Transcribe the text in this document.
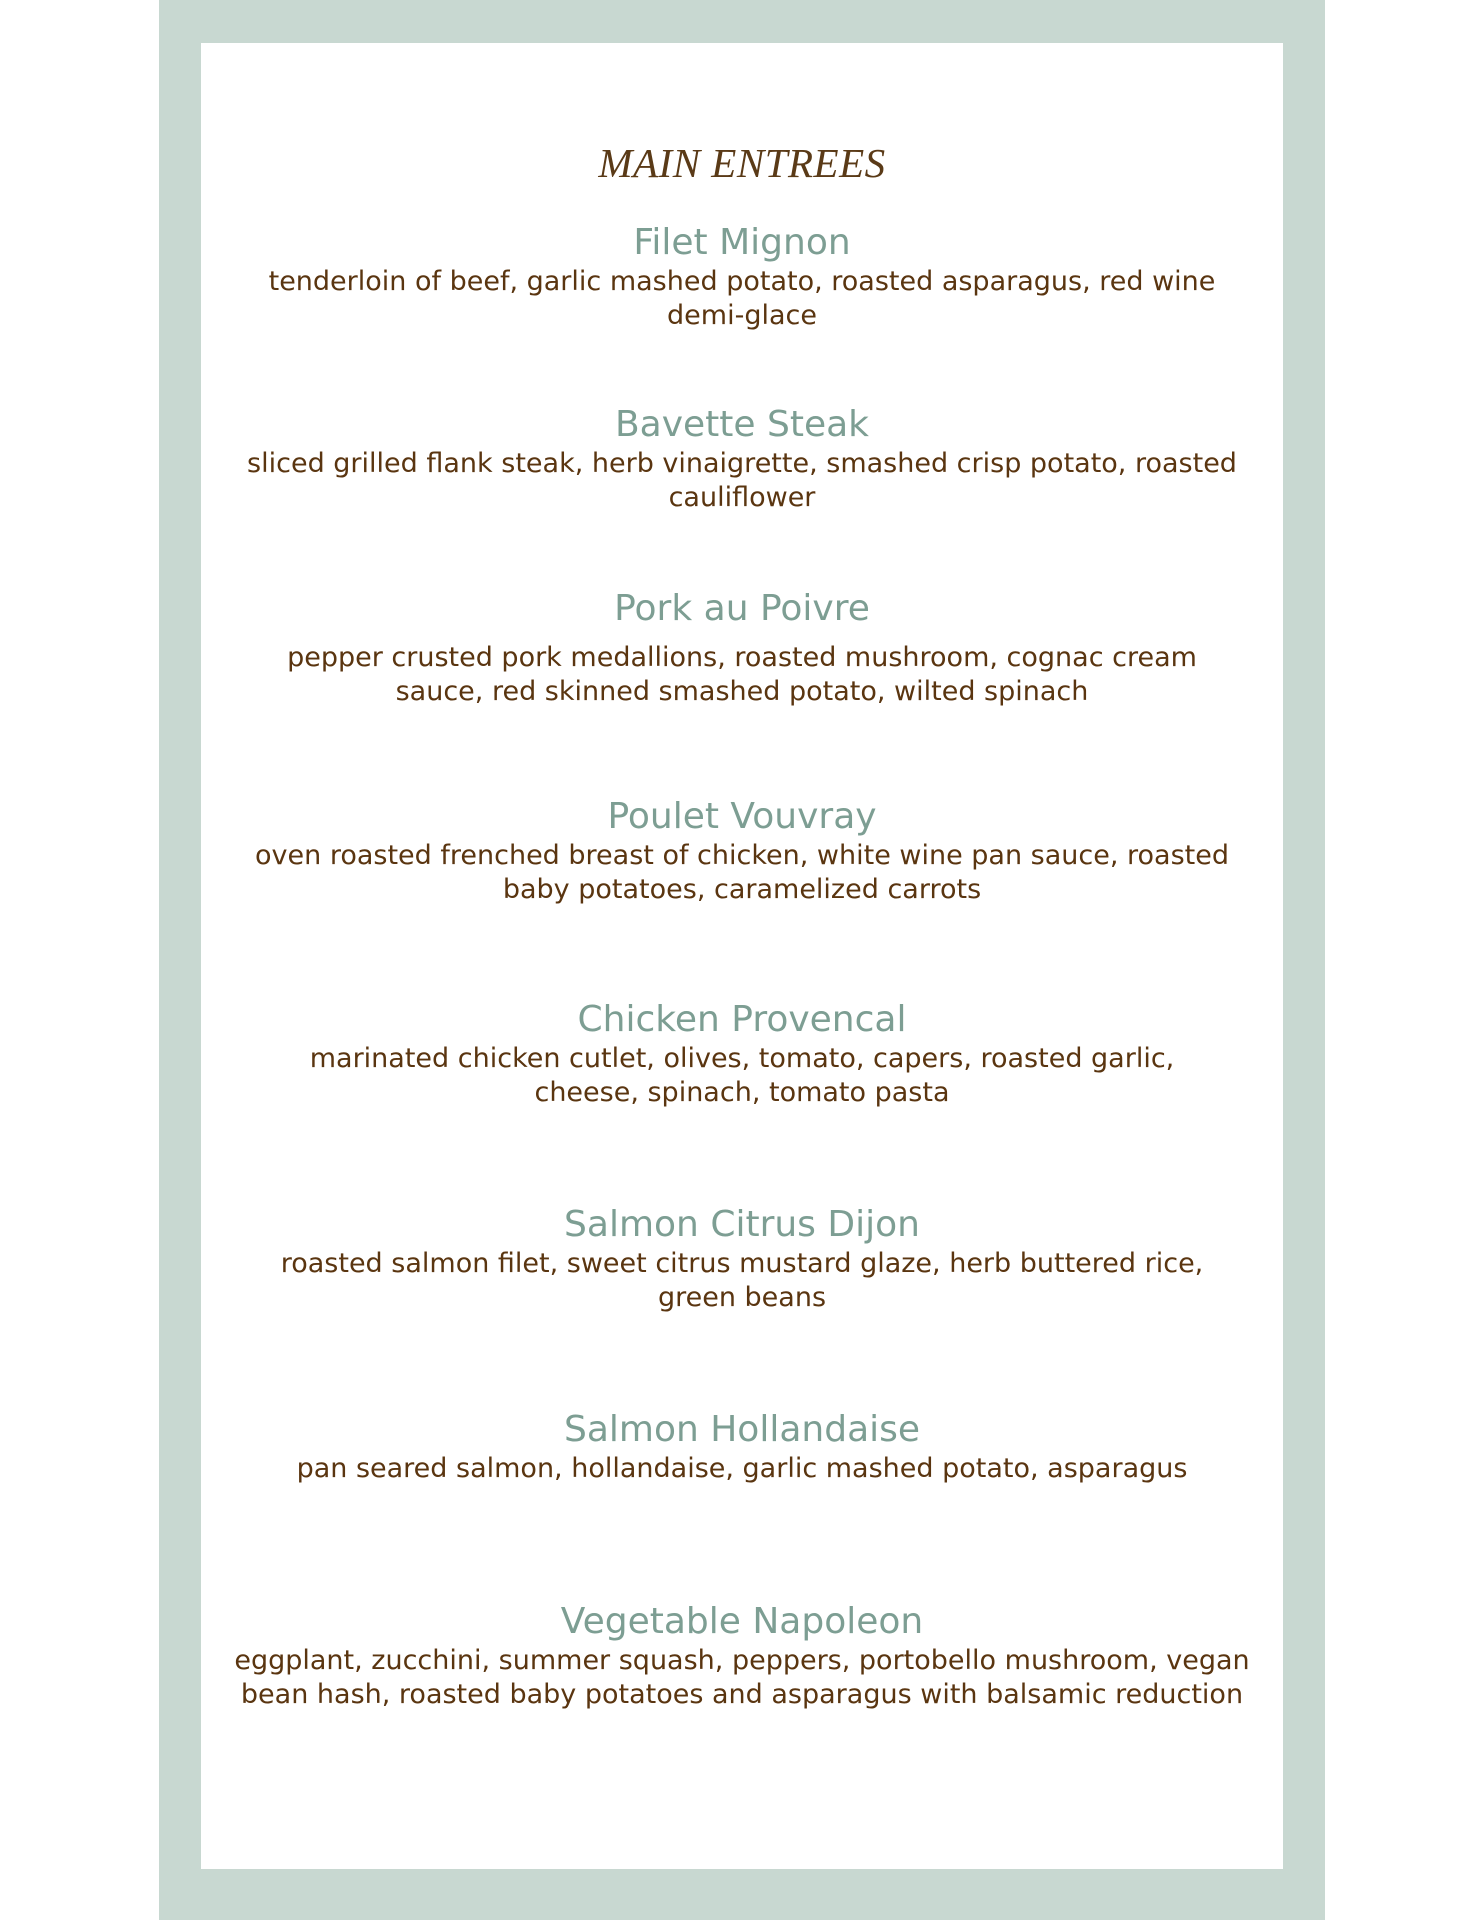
MAIN ENTREES
Filet Mignon
tenderloin of beef, garlic mashed potato, roasted asparagus, red wine
demi-glace
Bavette Steak
sliced grilled flank steak, herb vinaigrette, smashed crisp potato, roasted
cauliflower
Pork au Poivre
pepper crusted pork medallions, roasted mushroom, cognac cream
sauce, red skinned smashed potato, wilted spinach
Poulet Vouvray
oven roasted frenched breast of chicken, white wine pan sauce, roasted
baby potatoes, caramelized carrots
Chicken Provencal
marinated chicken cutlet, olives, tomato, capers, roasted garlic,
cheese, spinach, tomato pasta
Salmon Citrus Dijon
roasted salmon filet, sweet citrus mustard glaze, herb buttered rice,
green beans
Salmon Hollandaise
pan seared salmon, hollandaise, garlic mashed potato, asparagus
Vegetable Napoleon
eggplant, zucchini, summer squash, peppers, portobello mushroom, vegan
bean hash, roasted baby potatoes and asparagus with balsamic reduction
